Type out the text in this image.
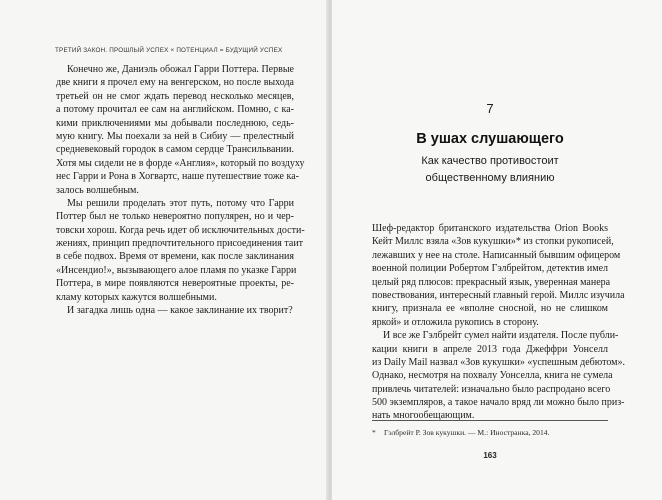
ТРЕТИЙ ЗАКОН. ПРОШЛЫЙ УСПЕХ × ПОТЕНЦИАЛ = БУДУЩИЙ УСПЕХ
Конечно же, Даниэль обожал Гарри Поттера. Первые
две книги я прочел ему на венгерском, но после выхода
третьей он не смог ждать перевод несколько месяцев,
а потому прочитал ее сам на английском. Помню, с ка-
кими приключениями мы добывали последнюю, седь-
мую книгу. Мы поехали за ней в Сибиу — прелестный
средневековый городок в самом сердце Трансильвании.
Хотя мы сидели не в форде «Англия», который по воздуху
нес Гарри и Рона в Хогвартс, наше путешествие тоже ка-
залось волшебным.
Мы решили проделать этот путь, потому что Гарри
Поттер был не только невероятно популярен, но и чер-
товски хорош. Когда речь идет об исключительных дости-
жениях, принцип предпочтительного присоединения таит
в себе подвох. Время от времени, как после заклинания
«Инсендио!», вызывающего алое пламя по указке Гарри
Поттера, в мире появляются невероятные проекты, ре-
кламу которых кажутся волшебными.
И загадка лишь одна — какое заклинание их творит?
7
В ушах слушающего
Как качество противостоит
общественному влиянию
Шеф-редактор британского издательства Orion Books
Кейт Миллс взяла «Зов кукушки»* из стопки рукописей,
лежавших у нее на столе. Написанный бывшим офицером
военной полиции Робертом Гэлбрейтом, детектив имел
целый ряд плюсов: прекрасный язык, уверенная манера
повествования, интересный главный герой. Миллс изучила
книгу, признала ее «вполне сносной, но не слишком
яркой» и отложила рукопись в сторону.
И все же Гэлбрейт сумел найти издателя. После публи-
кации книги в апреле 2013 года Джеффри Уонселл
из Daily Mail назвал «Зов кукушки» «успешным дебютом».
Однако, несмотря на похвалу Уонселла, книга не сумела
привлечь читателей: изначально было распродано всего
500 экземпляров, а такое начало вряд ли можно было приз-
нать многообещающим.
* Гэлбрейт Р. Зов кукушки. — М.: Иностранка, 2014.
163
